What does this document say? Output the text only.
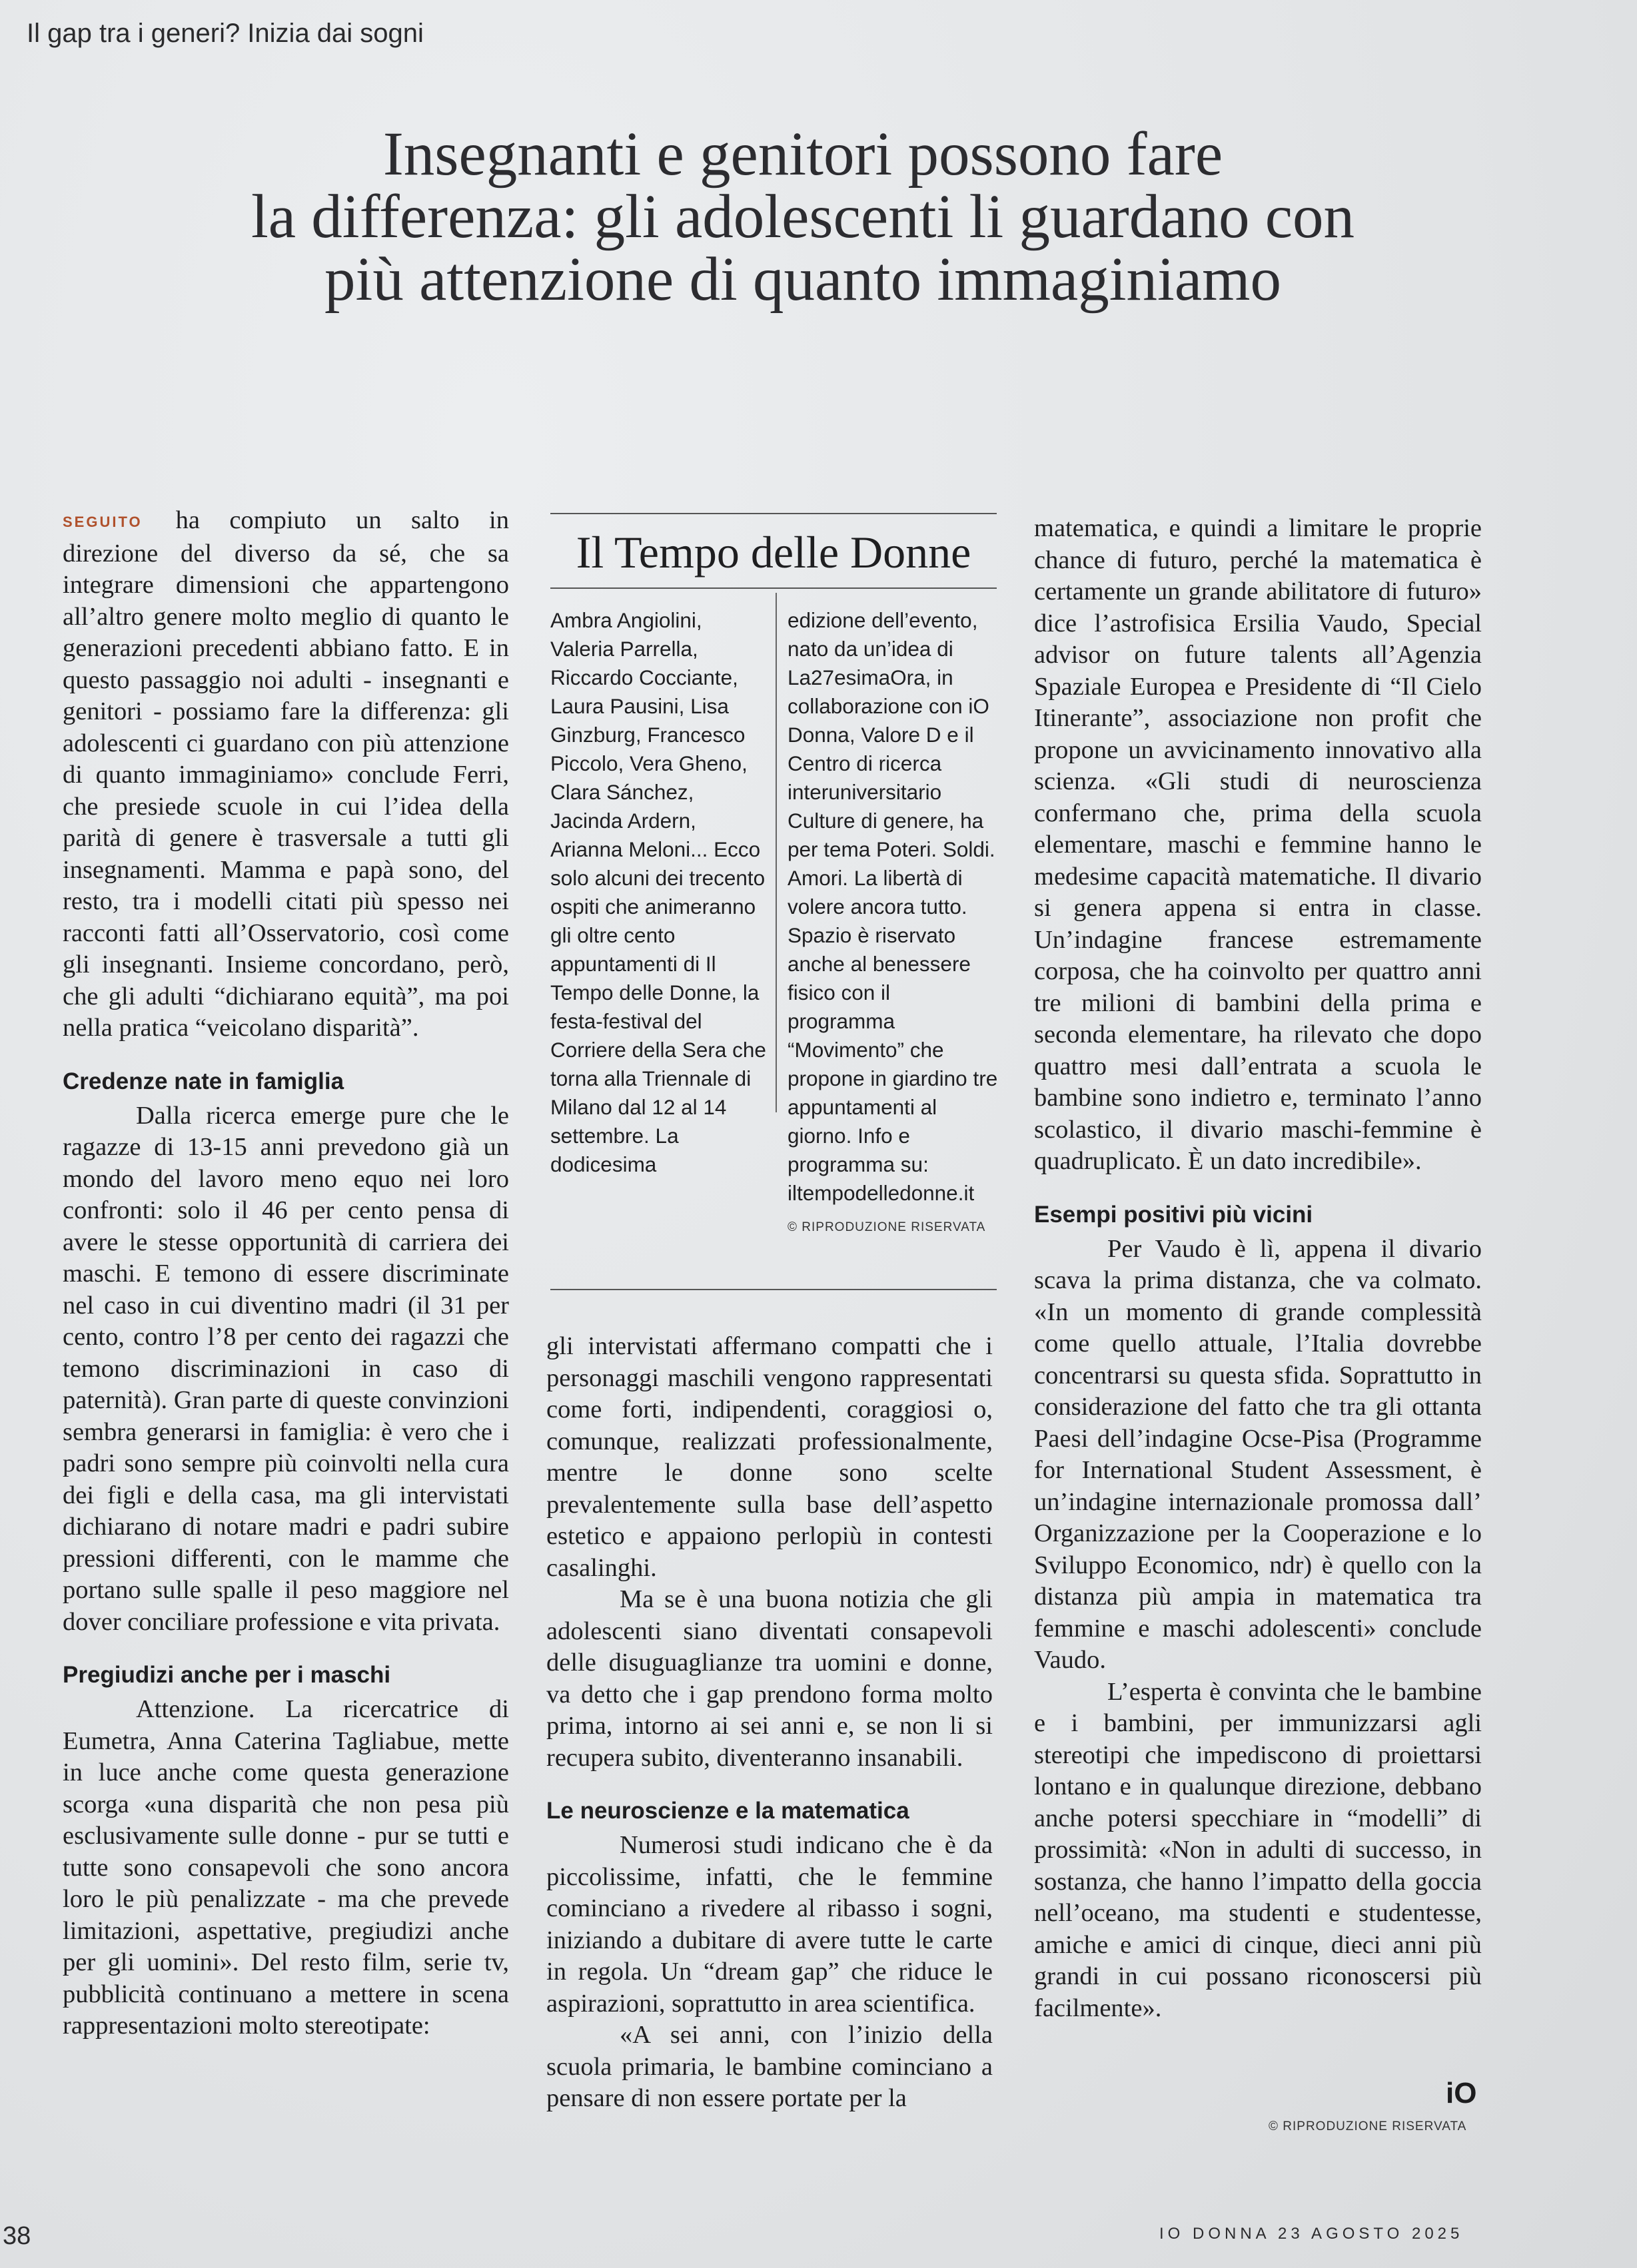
Il gap tra i generi? Inizia dai sogni
Insegnanti e genitori possono fare
la differenza: gli adolescenti li guardano con
più attenzione di quanto immaginiamo

SEGUITO ha compiuto un salto in direzione del diverso da sé, che sa integrare dimensioni che appartengono all’altro genere molto meglio di quanto le generazioni precedenti abbiano fatto. E in questo passaggio noi adulti - insegnanti e genitori - possiamo fare la differenza: gli adolescenti ci guardano con più attenzione di quanto immaginiamo» conclude Ferri, che presiede scuole in cui l’idea della parità di genere è trasversale a tutti gli insegnamenti. Mamma e papà sono, del resto, tra i modelli citati più spesso nei racconti fatti all’Osservatorio, così come gli insegnanti. Insieme concordano, però, che gli adulti “dichiarano equità”, ma poi nella pratica “veicolano disparità”.

Credenze nate in famiglia

Dalla ricerca emerge pure che le ragazze di 13-15 anni prevedono già un mondo del lavoro meno equo nei loro confronti: solo il 46 per cento pensa di avere le stesse opportunità di carriera dei maschi. E temono di essere discriminate nel caso in cui diventino madri (il 31 per cento, contro l’8 per cento dei ragazzi che temono discriminazioni in caso di paternità). Gran parte di queste convinzioni sembra generarsi in famiglia: è vero che i padri sono sempre più coinvolti nella cura dei figli e della casa, ma gli intervistati dichiarano di notare madri e padri subire pressioni differenti, con le mamme che portano sulle spalle il peso maggiore nel dover conciliare professione e vita privata.

Pregiudizi anche per i maschi

Attenzione. La ricercatrice di Eumetra, Anna Caterina Tagliabue, mette in luce anche come questa generazione scorga «una disparità che non pesa più esclusivamente sulle donne - pur se tutti e tutte sono consapevoli che sono ancora loro le più penalizzate - ma che prevede limitazioni, aspettative, pregiudizi anche per gli uomini». Del resto film, serie tv, pubblicità continuano a mettere in scena rappresentazioni molto stereotipate:

Il Tempo delle Donne
Ambra Angiolini, Valeria Parrella, Riccardo Cocciante, Laura Pausini, Lisa Ginzburg, Francesco Piccolo, Vera Gheno, Clara Sánchez, Jacinda Ardern, Arianna Meloni... Ecco solo alcuni dei trecento ospiti che animeranno gli oltre cento appuntamenti di Il Tempo delle Donne, la festa-festival del Corriere della Sera che torna alla Triennale di Milano dal 12 al 14 settembre. La dodicesima
edizione dell’evento, nato da un’idea di La27esimaOra, in collaborazione con iO Donna, Valore D e il Centro di ricerca interuniversitario Culture di genere, ha per tema Poteri. Soldi. Amori. La libertà di volere ancora tutto. Spazio è riservato anche al benessere fisico con il programma “Movimento” che propone in giardino tre appuntamenti al giorno. Info e programma su: iltempodelledonne.it
© RIPRODUZIONE RISERVATA

gli intervistati affermano compatti che i personaggi maschili vengono rappresentati come forti, indipendenti, coraggiosi o, comunque, realizzati professionalmente, mentre le donne sono scelte prevalentemente sulla base dell’aspetto estetico e appaiono perlopiù in contesti casalinghi.

Ma se è una buona notizia che gli adolescenti siano diventati consapevoli delle disuguaglianze tra uomini e donne, va detto che i gap prendono forma molto prima, intorno ai sei anni e, se non li si recupera subito, diventeranno insanabili.

Le neuroscienze e la matematica

Numerosi studi indicano che è da piccolissime, infatti, che le femmine cominciano a rivedere al ribasso i sogni, iniziando a dubitare di avere tutte le carte in regola. Un “dream gap” che riduce le aspirazioni, soprattutto in area scientifica.

«A sei anni, con l’inizio della scuola primaria, le bambine cominciano a pensare di non essere portate per la

matematica, e quindi a limitare le proprie chance di futuro, perché la matematica è certamente un grande abilitatore di futuro» dice l’astrofisica Ersilia Vaudo, Special advisor on future talents all’Agenzia Spaziale Europea e Presidente di “Il Cielo Itinerante”, associazione non profit che propone un avvicinamento innovativo alla scienza. «Gli studi di neuroscienza confermano che, prima della scuola elementare, maschi e femmine hanno le medesime capacità matematiche. Il divario si genera appena si entra in classe. Un’indagine francese estremamente corposa, che ha coinvolto per quattro anni tre milioni di bambini della prima e seconda elementare, ha rilevato che dopo quattro mesi dall’entrata a scuola le bambine sono indietro e, terminato l’anno scolastico, il divario maschi-femmine è quadruplicato. È un dato incredibile».

Esempi positivi più vicini

Per Vaudo è lì, appena il divario scava la prima distanza, che va colmato. «In un momento di grande complessità come quello attuale, l’Italia dovrebbe concentrarsi su questa sfida. Soprattutto in considerazione del fatto che tra gli ottanta Paesi dell’indagine Ocse-Pisa (Programme for International Student Assessment, è un’indagine internazionale promossa dall’ Organizzazione per la Cooperazione e lo Sviluppo Economico, ndr) è quello con la distanza più ampia in matematica tra femmine e maschi adolescenti» conclude Vaudo.

L’esperta è convinta che le bambine e i bambini, per immunizzarsi agli stereotipi che impediscono di proiettarsi lontano e in qualunque direzione, debbano anche potersi specchiare in “modelli” di prossimità: «Non in adulti di successo, in sostanza, che hanno l’impatto della goccia nell’oceano, ma studenti e studentesse, amiche e amici di cinque, dieci anni più grandi in cui possano riconoscersi più facilmente».

iO
© RIPRODUZIONE RISERVATA
38	IO DONNA 23 AGOSTO 2025
